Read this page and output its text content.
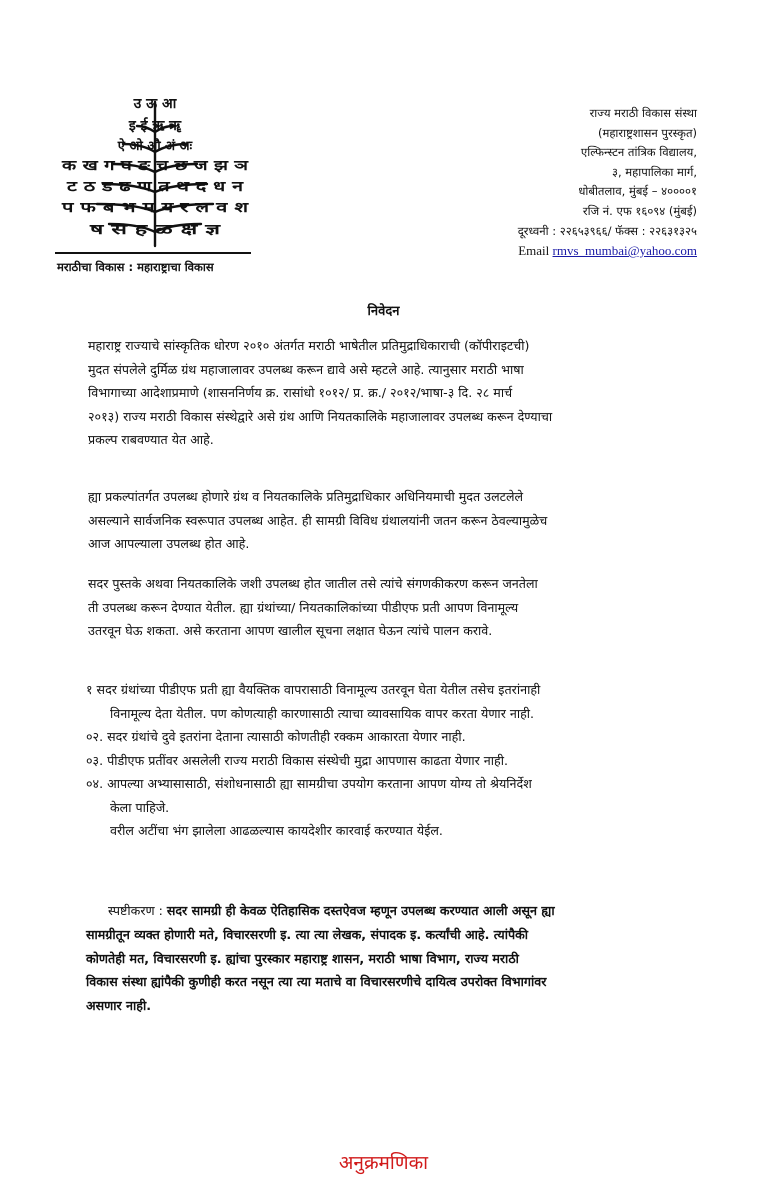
उ ऊ आ
इ ई ऋ ॠ
ऐ ओ औ अं अः
क ख ग घ ङ च छ ज झ ञ
ट ठ ड ढ ण त थ द ध न
प फ ब भ म य र ल व श
ष स ह ळ क्ष ज्ञ
मराठीचा विकास : महाराष्ट्राचा विकास
राज्य मराठी विकास संस्था
(महाराष्ट्रशासन पुरस्कृत)
एल्फिन्स्टन तांत्रिक विद्यालय,
३, महापालिका मार्ग,
धोबीतलाव, मुंबई – ४००००१
रजि नं. एफ १६०९४ (मुंबई)
दूरध्वनी : २२६५३९६६/ फॅक्स : २२६३१३२५
Email rmvs_mumbai@yahoo.com
निवेदन
महाराष्ट्र राज्याचे सांस्कृतिक धोरण २०१० अंतर्गत मराठी भाषेतील प्रतिमुद्राधिकाराची (कॉपीराइटची)
मुदत संपलेले दुर्मिळ ग्रंथ महाजालावर उपलब्ध करून द्यावे असे म्हटले आहे. त्यानुसार मराठी भाषा
विभागाच्या आदेशाप्रमाणे (शासननिर्णय क्र. रासांधो १०१२/ प्र. क्र./ २०१२/भाषा-३ दि. २८ मार्च
२०१३) राज्य मराठी विकास संस्थेद्वारे असे ग्रंथ आणि नियतकालिके महाजालावर उपलब्ध करून देण्याचा
प्रकल्प राबवण्यात येत आहे.
ह्या प्रकल्पांतर्गत उपलब्ध होणारे ग्रंथ व नियतकालिके प्रतिमुद्राधिकार अधिनियमाची मुदत उलटलेले
असल्याने सार्वजनिक स्वरूपात उपलब्ध आहेत. ही सामग्री विविध ग्रंथालयांनी जतन करून ठेवल्यामुळेच
आज आपल्याला उपलब्ध होत आहे.
सदर पुस्तके अथवा नियतकालिके जशी उपलब्ध होत जातील तसे त्यांचे संगणकीकरण करून जनतेला
ती उपलब्ध करून देण्यात येतील. ह्या ग्रंथांच्या/ नियतकालिकांच्या पीडीएफ प्रती आपण विनामूल्य
उतरवून घेऊ शकता. असे करताना आपण खालील सूचना लक्षात घेऊन त्यांचे पालन करावे.
१ सदर ग्रंथांच्या पीडीएफ प्रती ह्या वैयक्तिक वापरासाठी विनामूल्य उतरवून घेता येतील तसेच इतरांनाही
विनामूल्य देता येतील. पण कोणत्याही कारणासाठी त्याचा व्यावसायिक वापर करता येणार नाही.
०२. सदर ग्रंथांचे दुवे इतरांना देताना त्यासाठी कोणतीही रक्कम आकारता येणार नाही.
०३. पीडीएफ प्रतींवर असलेली राज्य मराठी विकास संस्थेची मुद्रा आपणास काढता येणार नाही.
०४. आपल्या अभ्यासासाठी, संशोधनासाठी ह्या सामग्रीचा उपयोग करताना आपण योग्य तो श्रेयनिर्देश
केला पाहिजे.
वरील अटींचा भंग झालेला आढळल्यास कायदेशीर कारवाई करण्यात येईल.
स्पष्टीकरण : सदर सामग्री ही केवळ ऐतिहासिक दस्तऐवज म्हणून उपलब्ध करण्यात आली असून ह्या
सामग्रीतून व्यक्त होणारी मते, विचारसरणी इ. त्या त्या लेखक, संपादक इ. कर्त्यांची आहे. त्यांपैकी
कोणतेही मत, विचारसरणी इ. ह्यांचा पुरस्कार महाराष्ट्र शासन, मराठी भाषा विभाग, राज्य मराठी
विकास संस्था ह्यांपैकी कुणीही करत नसून त्या त्या मताचे वा विचारसरणीचे दायित्व उपरोक्त विभागांवर
असणार नाही.
अनुक्रमणिका
